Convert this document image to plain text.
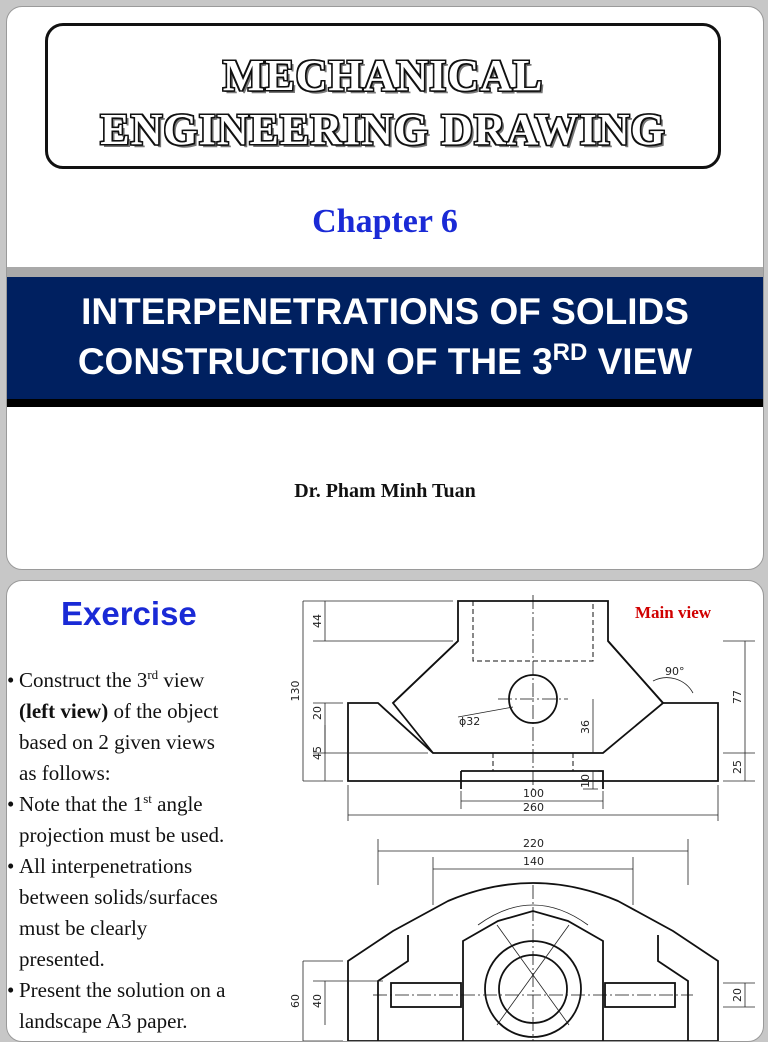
MECHANICAL
ENGINEERING DRAWING
Chapter 6
INTERPENETRATIONS OF SOLIDS
CONSTRUCTION OF THE 3RD VIEW
Dr. Pham Minh Tuan
Exercise
• Construct the 3rd view
(left view) of the object
based on 2 given views
as follows:
• Note that the 1st angle
projection must be used.
• All interpenetrations
between solids/surfaces
must be clearly
presented.
• Present the solution on a
landscape A3 paper.
44
130
20
45
ϕ32	36
10
100
260
90°
77
25
220
140
60 40	20
Main view
